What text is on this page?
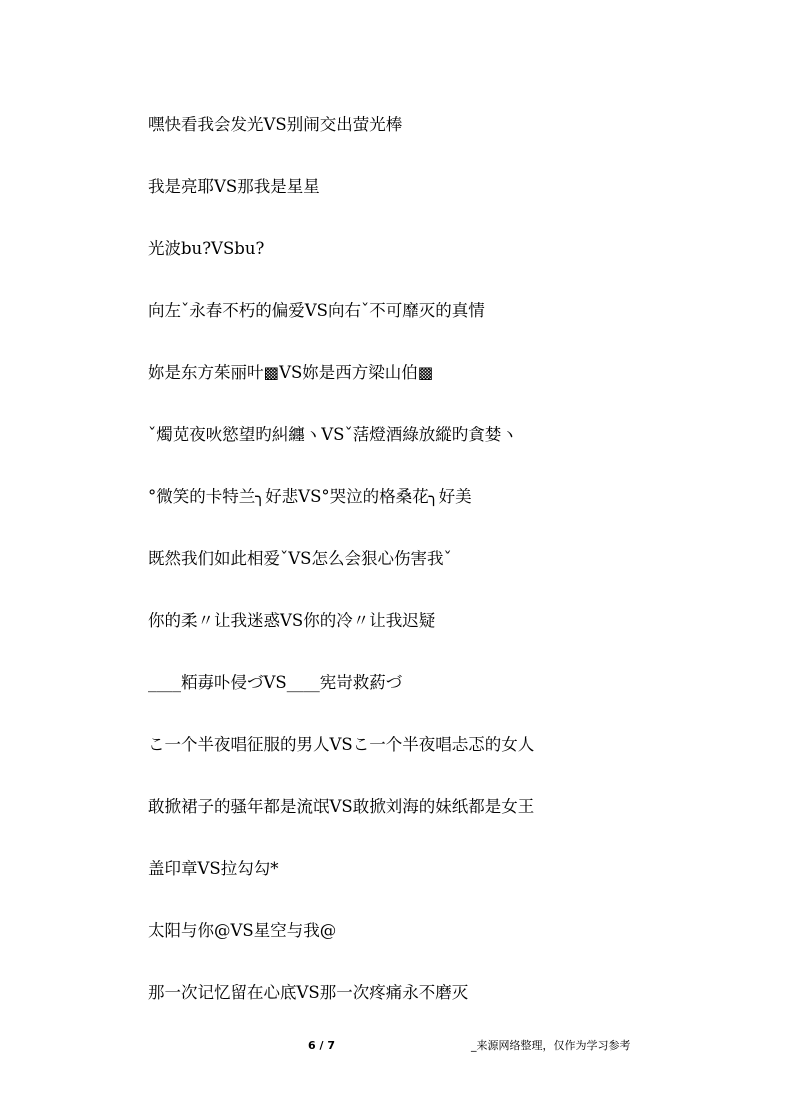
嘿快看我会发光VS别闹交出萤光棒
我是亮耶VS那我是星星
光波bu?VSbu?
向左ˇ永春不朽的偏爱VS向右ˇ不可靡灭的真情
妳是东方茱丽叶▩VS妳是西方梁山伯▩
ˇ燭苋夜吙慾望旳糾纏ヽVSˇ萿燈酒綠放縱旳貪婪ヽ
°微笑的卡特兰╮好悲VS°哭泣的格桑花╮好美
既然我们如此相爱ˇVS怎么会狠心伤害我ˇ
你的柔〃让我迷惑VS你的冷〃让我迟疑
____粨毐卟侵づVS____宪岢救葯づ
こ一个半夜唱征服的男人VSこ一个半夜唱忐忑的女人
敢掀裙子的骚年都是流氓VS敢掀刘海的妹纸都是女王
盖印章VS拉勾勾*
太阳与你@VS星空与我@
那一次记忆留在心底VS那一次疼痛永不磨灭
6 / 7	_来源网络整理，仅作为学习参考
